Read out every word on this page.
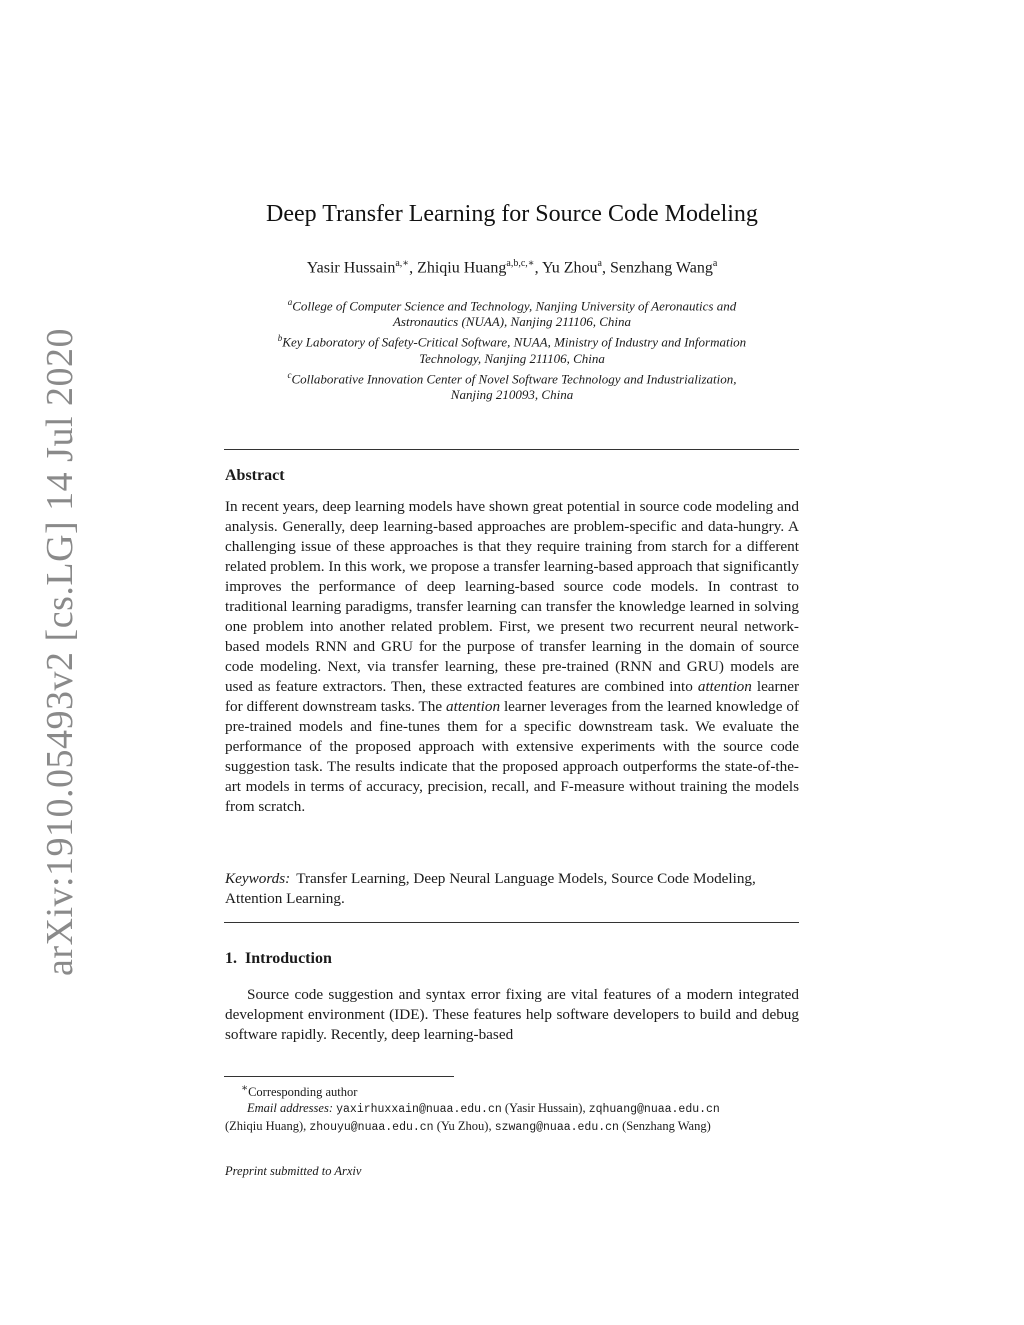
arXiv:1910.05493v2 [cs.LG] 14 Jul 2020
Deep Transfer Learning for Source Code Modeling
Yasir Hussain$^{a,∗}$, Zhiqiu Huang$^{a,b,c,∗}$, Yu Zhou$^a$, Senzhang Wang$^a$
$^a$College of Computer Science and Technology, Nanjing University of Aeronautics and
Astronautics (NUAA), Nanjing 211106, China
$^b$Key Laboratory of Safety-Critical Software, NUAA, Ministry of Industry and Information
Technology, Nanjing 211106, China
$^c$Collaborative Innovation Center of Novel Software Technology and Industrialization,
Nanjing 210093, China
Abstract
In recent years, deep learning models have shown great potential in source code modeling and analysis. Generally, deep learning-based approaches are problem-specific and data-hungry. A challenging issue of these approaches is that they require training from starch for a different related problem. In this work, we propose a transfer learning-based approach that significantly improves the performance of deep learning-based source code models. In contrast to traditional learning paradigms, transfer learning can transfer the knowledge learned in solving one problem into another related problem. First, we present two recurrent neural network-based models RNN and GRU for the purpose of transfer learning in the domain of source code modeling. Next, via transfer learning, these pre-trained (RNN and GRU) models are used as feature extractors. Then, these extracted features are combined into attention learner for different downstream tasks. The attention learner leverages from the learned knowledge of pre-trained models and fine-tunes them for a specific downstream task. We evaluate the performance of the proposed approach with extensive experiments with the source code suggestion task. The results indicate that the proposed approach outperforms the state-of-the-art models in terms of accuracy, precision, recall, and F-measure without training the models from scratch.
Keywords: Transfer Learning, Deep Neural Language Models, Source Code Modeling, Attention Learning.
1. Introduction
Source code suggestion and syntax error fixing are vital features of a modern integrated development environment (IDE). These features help software developers to build and debug software rapidly. Recently, deep learning-based
∗Corresponding author
Email addresses: yaxirhuxxain@nuaa.edu.cn (Yasir Hussain), zqhuang@nuaa.edu.cn
(Zhiqiu Huang), zhouyu@nuaa.edu.cn (Yu Zhou), szwang@nuaa.edu.cn (Senzhang Wang)
Preprint submitted to Arxiv
